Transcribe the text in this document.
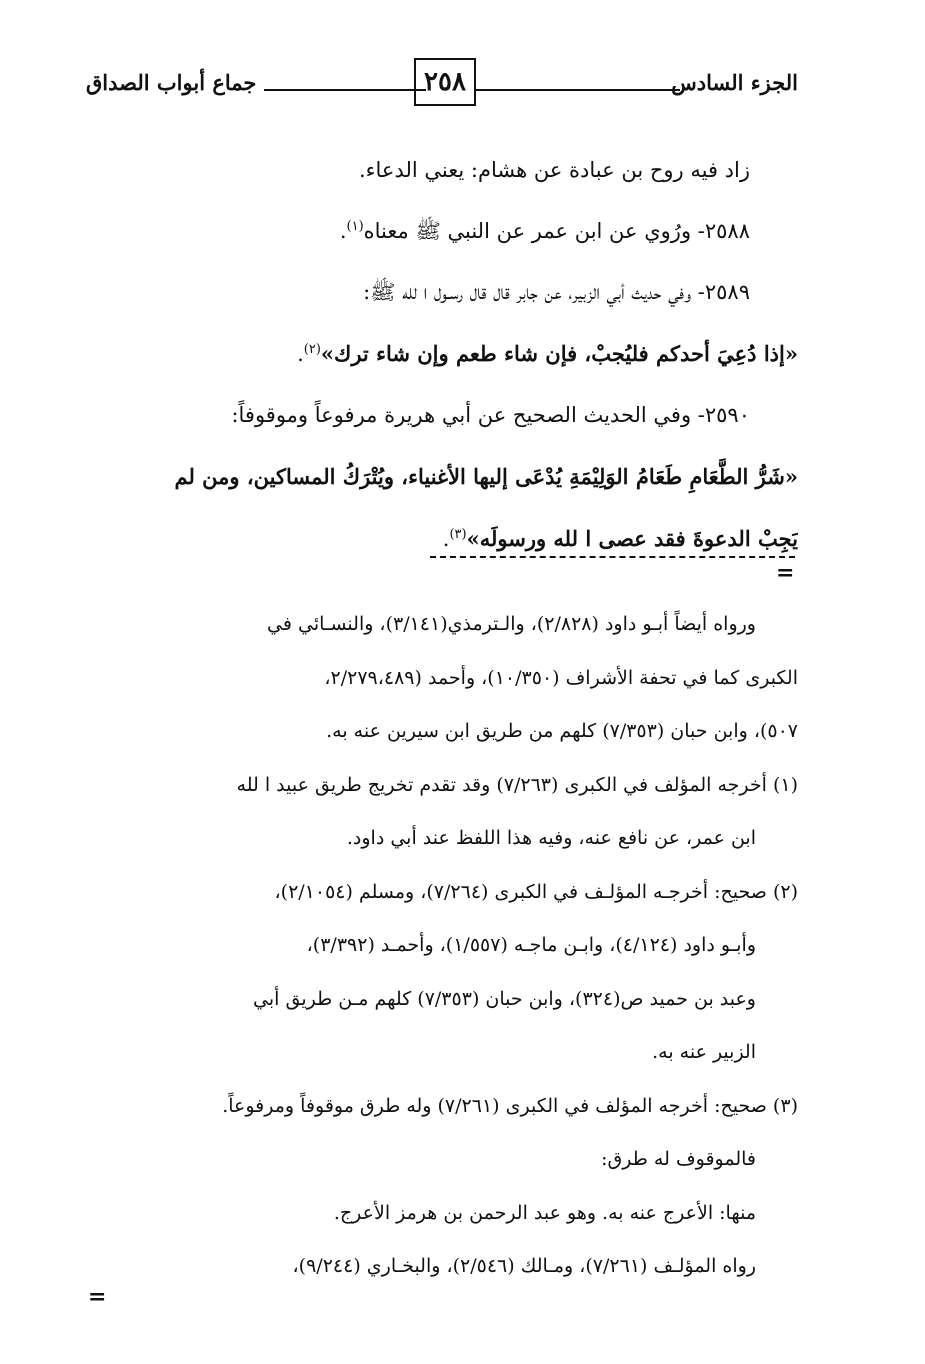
الجزء السادس
٢٥٨
جماع أبواب الصداق

زاد فيه روح بن عبادة عن هشام: يعني الدعاء.

٢٥٨٨- ورُوي عن ابن عمر عن النبي ﷺ معناه$^{(١)}$.

٢٥٨٩- وفي حديث أبي الزبير، عن جابر قال قال رسـول ا لله ﷺ:

«إذا دُعِيَ أحدكم فليُجبْ، فإن شاء طعم وإن شاء ترك»$^{(٢)}$.

٢٥٩٠- وفي الحديث الصحيح عن أبي هريرة مرفوعاً وموقوفاً:

«شَرُّ الطَّعَامِ طَعَامُ الوَلِيْمَةِ يُدْعَى إليها الأغنياء، ويُتْرَكُ المساكين، ومن لم

يَجِبْ الدعوةَ فقد عصى ا لله ورسولَه»$^{(٣)}$.

=

ورواه أيضاً أبـو داود (٢/٨٢٨)، والـترمذي(٣/١٤١)، والنسـائي في

الكبرى كما في تحفة الأشراف (١٠/٣٥٠)، وأحمد (٢/٢٧٩،٤٨٩،

٥٠٧)، وابن حبان (٧/٣٥٣) كلهم من طريق ابن سيرين عنه به.

(١) أخرجه المؤلف في الكبرى (٧/٢٦٣) وقد تقدم تخريج طريق عبيد ا لله

ابن عمر، عن نافع عنه، وفيه هذا اللفظ عند أبي داود.

(٢) صحيح: أخرجـه المؤلـف في الكبرى (٧/٢٦٤)، ومسلم (٢/١٠٥٤)،

وأبـو داود (٤/١٢٤)، وابـن ماجـه (١/٥٥٧)، وأحمـد (٣/٣٩٢)،

وعبد بن حميد ص(٣٢٤)، وابن حبان (٧/٣٥٣) كلهم مـن طريق أبي

الزبير عنه به.

(٣) صحيح: أخرجه المؤلف في الكبرى (٧/٢٦١) وله طرق موقوفاً ومرفوعاً.

فالموقوف له طرق:

منها: الأعرج عنه به. وهو عبد الرحمن بن هرمز الأعرج.

رواه المؤلـف (٧/٢٦١)، ومـالك (٢/٥٤٦)، والبخـاري (٩/٢٤٤)،

=
